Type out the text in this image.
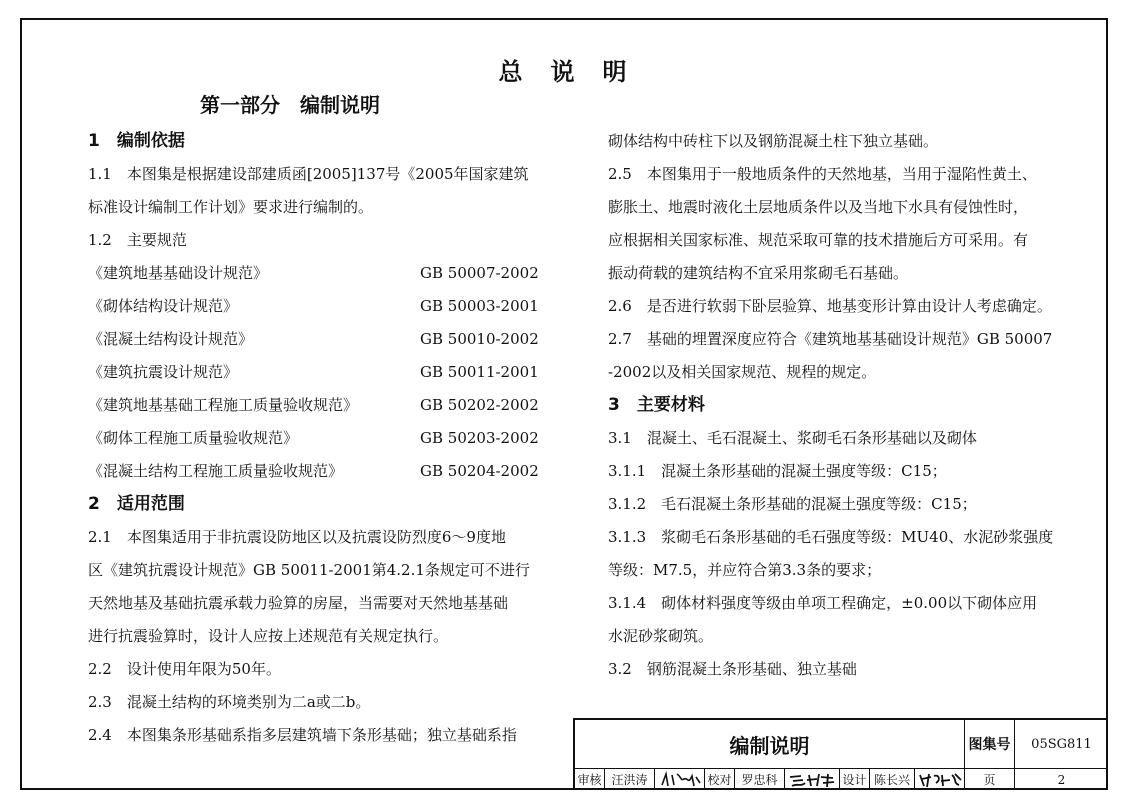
总说明
第一部分　编制说明
1　编制依据
1.1　本图集是根据建设部建质函[2005]137号《2005年国家建筑
标准设计编制工作计划》要求进行编制的。
1.2　主要规范
《建筑地基基础设计规范》	GB 50007-2002
《砌体结构设计规范》	GB 50003-2001
《混凝土结构设计规范》	GB 50010-2002
《建筑抗震设计规范》	GB 50011-2001
《建筑地基基础工程施工质量验收规范》	GB 50202-2002
《砌体工程施工质量验收规范》	GB 50203-2002
《混凝土结构工程施工质量验收规范》	GB 50204-2002
2　适用范围
2.1　本图集适用于非抗震设防地区以及抗震设防烈度6～9度地
区《建筑抗震设计规范》GB 50011-2001第4.2.1条规定可不进行
天然地基及基础抗震承载力验算的房屋，当需要对天然地基基础
进行抗震验算时，设计人应按上述规范有关规定执行。
2.2　设计使用年限为50年。
2.3　混凝土结构的环境类别为二a或二b。
2.4　本图集条形基础系指多层建筑墙下条形基础；独立基础系指
砌体结构中砖柱下以及钢筋混凝土柱下独立基础。
2.5　本图集用于一般地质条件的天然地基，当用于湿陷性黄土、
膨胀土、地震时液化土层地质条件以及当地下水具有侵蚀性时，
应根据相关国家标准、规范采取可靠的技术措施后方可采用。有
振动荷载的建筑结构不宜采用浆砌毛石基础。
2.6　是否进行软弱下卧层验算、地基变形计算由设计人考虑确定。
2.7　基础的埋置深度应符合《建筑地基基础设计规范》GB 50007
-2002以及相关国家规范、规程的规定。
3　主要材料
3.1　混凝土、毛石混凝土、浆砌毛石条形基础以及砌体
3.1.1　混凝土条形基础的混凝土强度等级：C15；
3.1.2　毛石混凝土条形基础的混凝土强度等级：C15；
3.1.3　浆砌毛石条形基础的毛石强度等级：MU40、水泥砂浆强度
等级：M7.5，并应符合第3.3条的要求；
3.1.4　砌体材料强度等级由单项工程确定，±0.00以下砌体应用
水泥砂浆砌筑。
3.2　钢筋混凝土条形基础、独立基础
编制说明	图集号	05SG811
审核 汪洪涛	校对 罗忠科	设计 陈长兴	页	2
